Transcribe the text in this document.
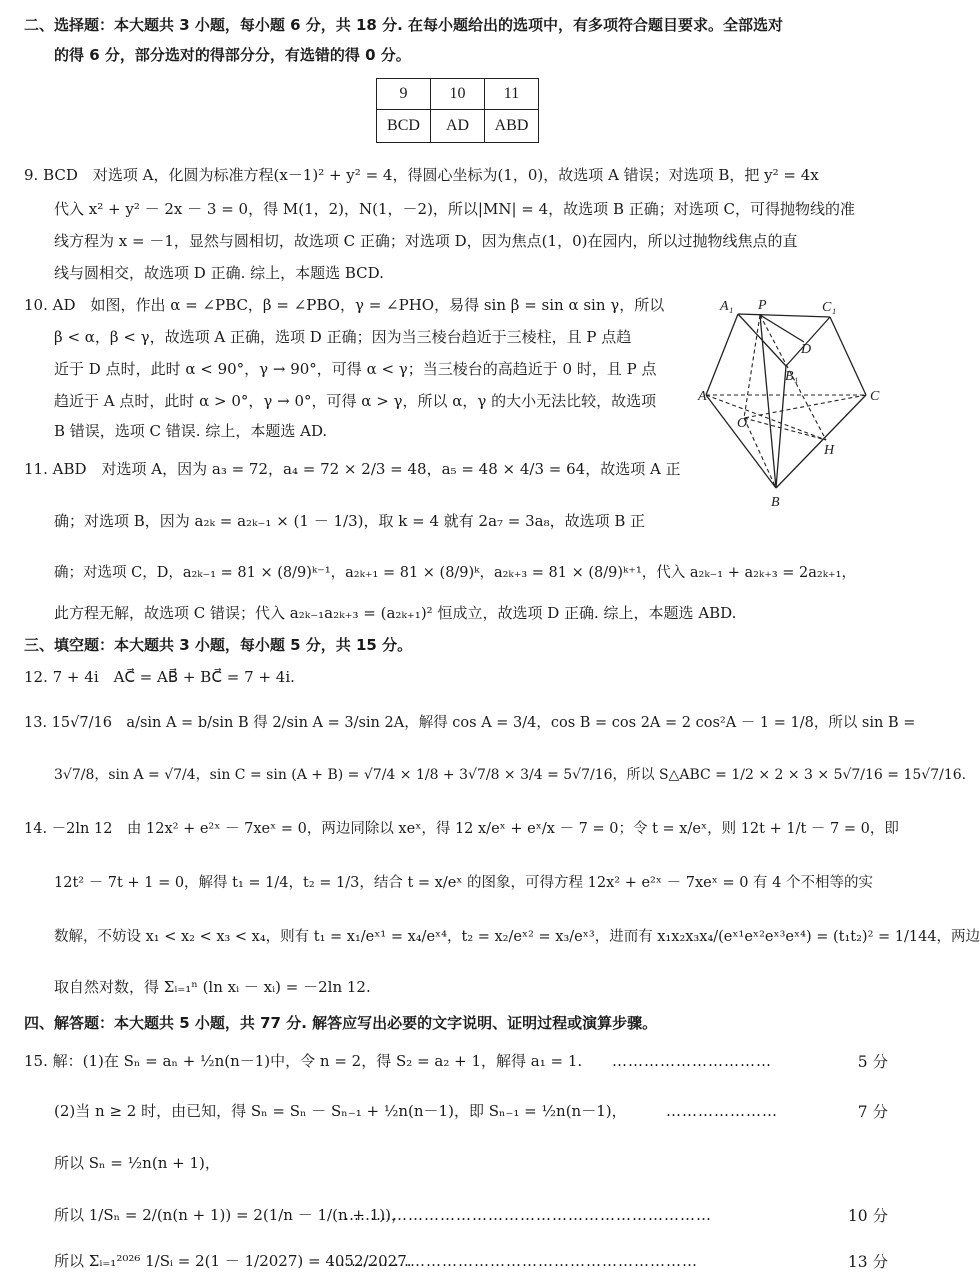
二、选择题：本大题共 3 小题，每小题 6 分，共 18 分. 在每小题给出的选项中，有多项符合题目要求。全部选对
的得 6 分，部分选对的得部分分，有选错的得 0 分。
9	10	11
BCD	AD	ABD
9. BCD　对选项 A，化圆为标准方程(x－1)² + y² = 4，得圆心坐标为(1，0)，故选项 A 错误；对选项 B，把 y² = 4x
代入 x² + y² － 2x － 3 = 0，得 M(1，2)，N(1，－2)，所以|MN| = 4，故选项 B 正确；对选项 C，可得抛物线的准
线方程为 x = －1，显然与圆相切，故选项 C 正确；对选项 D，因为焦点(1，0)在园内，所以过抛物线焦点的直
线与圆相交，故选项 D 正确. 综上，本题选 BCD.
10. AD　如图，作出 α = ∠PBC，β = ∠PBO，γ = ∠PHO，易得 sin β = sin α sin γ，所以
β < α，β < γ，故选项 A 正确，选项 D 正确；因为当三棱台趋近于三棱柱，且 P 点趋
近于 D 点时，此时 α < 90°，γ → 90°，可得 α < γ；当三棱台的高趋近于 0 时，且 P 点
趋近于 A 点时，此时 α > 0°，γ → 0°，可得 α > γ，所以 α，γ 的大小无法比较，故选项
B 错误，选项 C 错误. 综上，本题选 AD.
A₁ P	C₁
D
B₁
A	C
O
H
B
11. ABD　对选项 A，因为 a₃ = 72，a₄ = 72 × 2/3 = 48，a₅ = 48 × 4/3 = 64，故选项 A 正
确；对选项 B，因为 a₂ₖ = a₂ₖ₋₁ × (1 － 1/3)，取 k = 4 就有 2a₇ = 3a₈，故选项 B 正
确；对选项 C，D，a₂ₖ₋₁ = 81 × (8/9)ᵏ⁻¹，a₂ₖ₊₁ = 81 × (8/9)ᵏ，a₂ₖ₊₃ = 81 × (8/9)ᵏ⁺¹，代入 a₂ₖ₋₁ + a₂ₖ₊₃ = 2a₂ₖ₊₁，
此方程无解，故选项 C 错误；代入 a₂ₖ₋₁a₂ₖ₊₃ = (a₂ₖ₊₁)² 恒成立，故选项 D 正确. 综上，本题选 ABD.
三、填空题：本大题共 3 小题，每小题 5 分，共 15 分。
12. 7 + 4i　AC⃗ = AB⃗ + BC⃗ = 7 + 4i.
13. 15√7/16　a/sin A = b/sin B 得 2/sin A = 3/sin 2A，解得 cos A = 3/4，cos B = cos 2A = 2 cos²A － 1 = 1/8，所以 sin B =
3√7/8，sin A = √7/4，sin C = sin (A + B) = √7/4 × 1/8 + 3√7/8 × 3/4 = 5√7/16，所以 S△ABC = 1/2 × 2 × 3 × 5√7/16 = 15√7/16.
14. －2ln 12　由 12x² + e²ˣ － 7xeˣ = 0，两边同除以 xeˣ，得 12 x/eˣ + eˣ/x － 7 = 0；令 t = x/eˣ，则 12t + 1/t － 7 = 0，即
12t² － 7t + 1 = 0，解得 t₁ = 1/4，t₂ = 1/3，结合 t = x/eˣ 的图象，可得方程 12x² + e²ˣ － 7xeˣ = 0 有 4 个不相等的实
数解，不妨设 x₁ < x₂ < x₃ < x₄，则有 t₁ = x₁/eˣ¹ = x₄/eˣ⁴，t₂ = x₂/eˣ² = x₃/eˣ³，进而有 x₁x₂x₃x₄/(eˣ¹eˣ²eˣ³eˣ⁴) = (t₁t₂)² = 1/144，两边
取自然对数，得 Σᵢ₌₁ⁿ (ln xᵢ － xᵢ) = －2ln 12.
四、解答题：本大题共 5 小题，共 77 分. 解答应写出必要的文字说明、证明过程或演算步骤。
15. 解：(1)在 Sₙ = aₙ + ½n(n－1)中，令 n = 2，得 S₂ = a₂ + 1，解得 a₁ = 1. …………………………	5 分
(2)当 n ≥ 2 时，由已知，得 Sₙ = Sₙ － Sₙ₋₁ + ½n(n－1)，即 Sₙ₋₁ = ½n(n－1)，	…………………	7 分
所以 Sₙ = ½n(n + 1)，
所以 1/Sₙ = 2/(n(n + 1)) = 2(1/n － 1/(n + 1))，
……………………………………………………………	10 分
所以 Σᵢ₌₁²⁰²⁶ 1/Sᵢ = 2(1 － 1/2027) = 4052/2027.
……………………………………………………………	13 分
